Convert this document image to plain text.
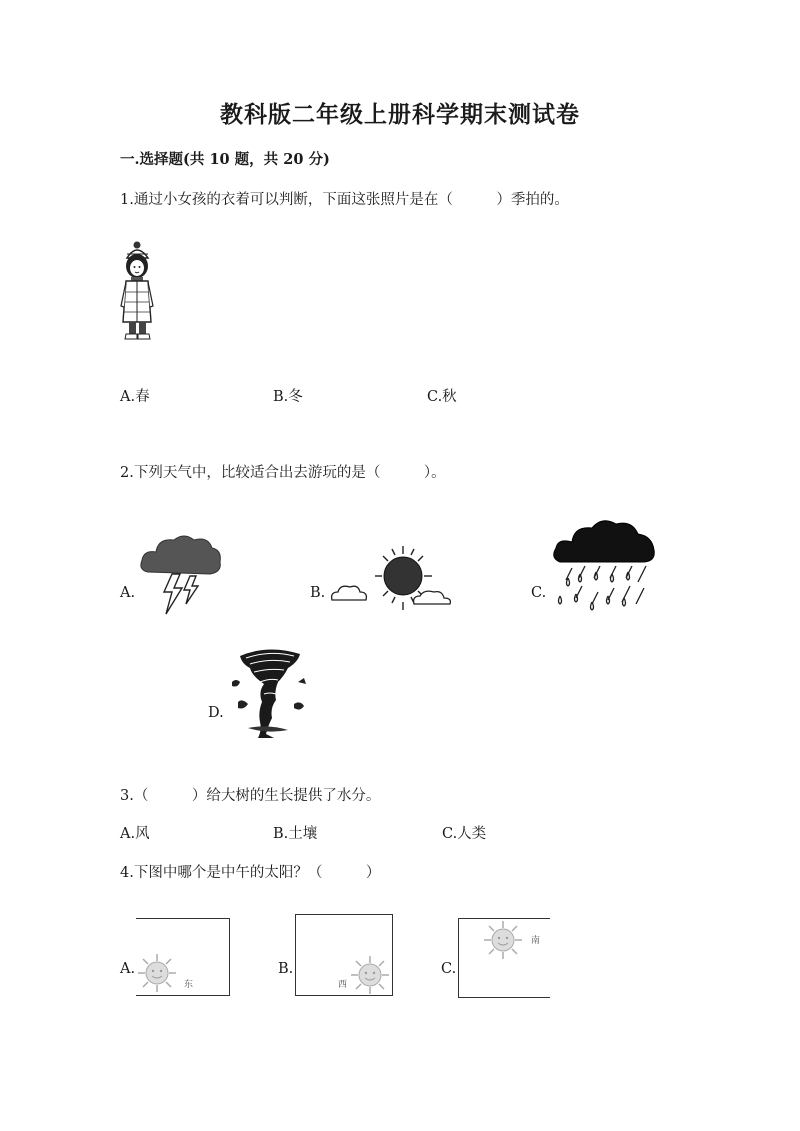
教科版二年级上册科学期末测试卷
一.选择题(共 10 题，共 20 分)
1.通过小女孩的衣着可以判断，下面这张照片是在（　　　）季拍的。
A.春	B.冬	C.秋
2.下列天气中，比较适合出去游玩的是（　　　）。
A.	B.	C.
D.
3.（　　　）给大树的生长提供了水分。
A.风	B.土壤	C.人类
4.下图中哪个是中午的太阳？（　　　）
A.
东
B.
西
C.
南
